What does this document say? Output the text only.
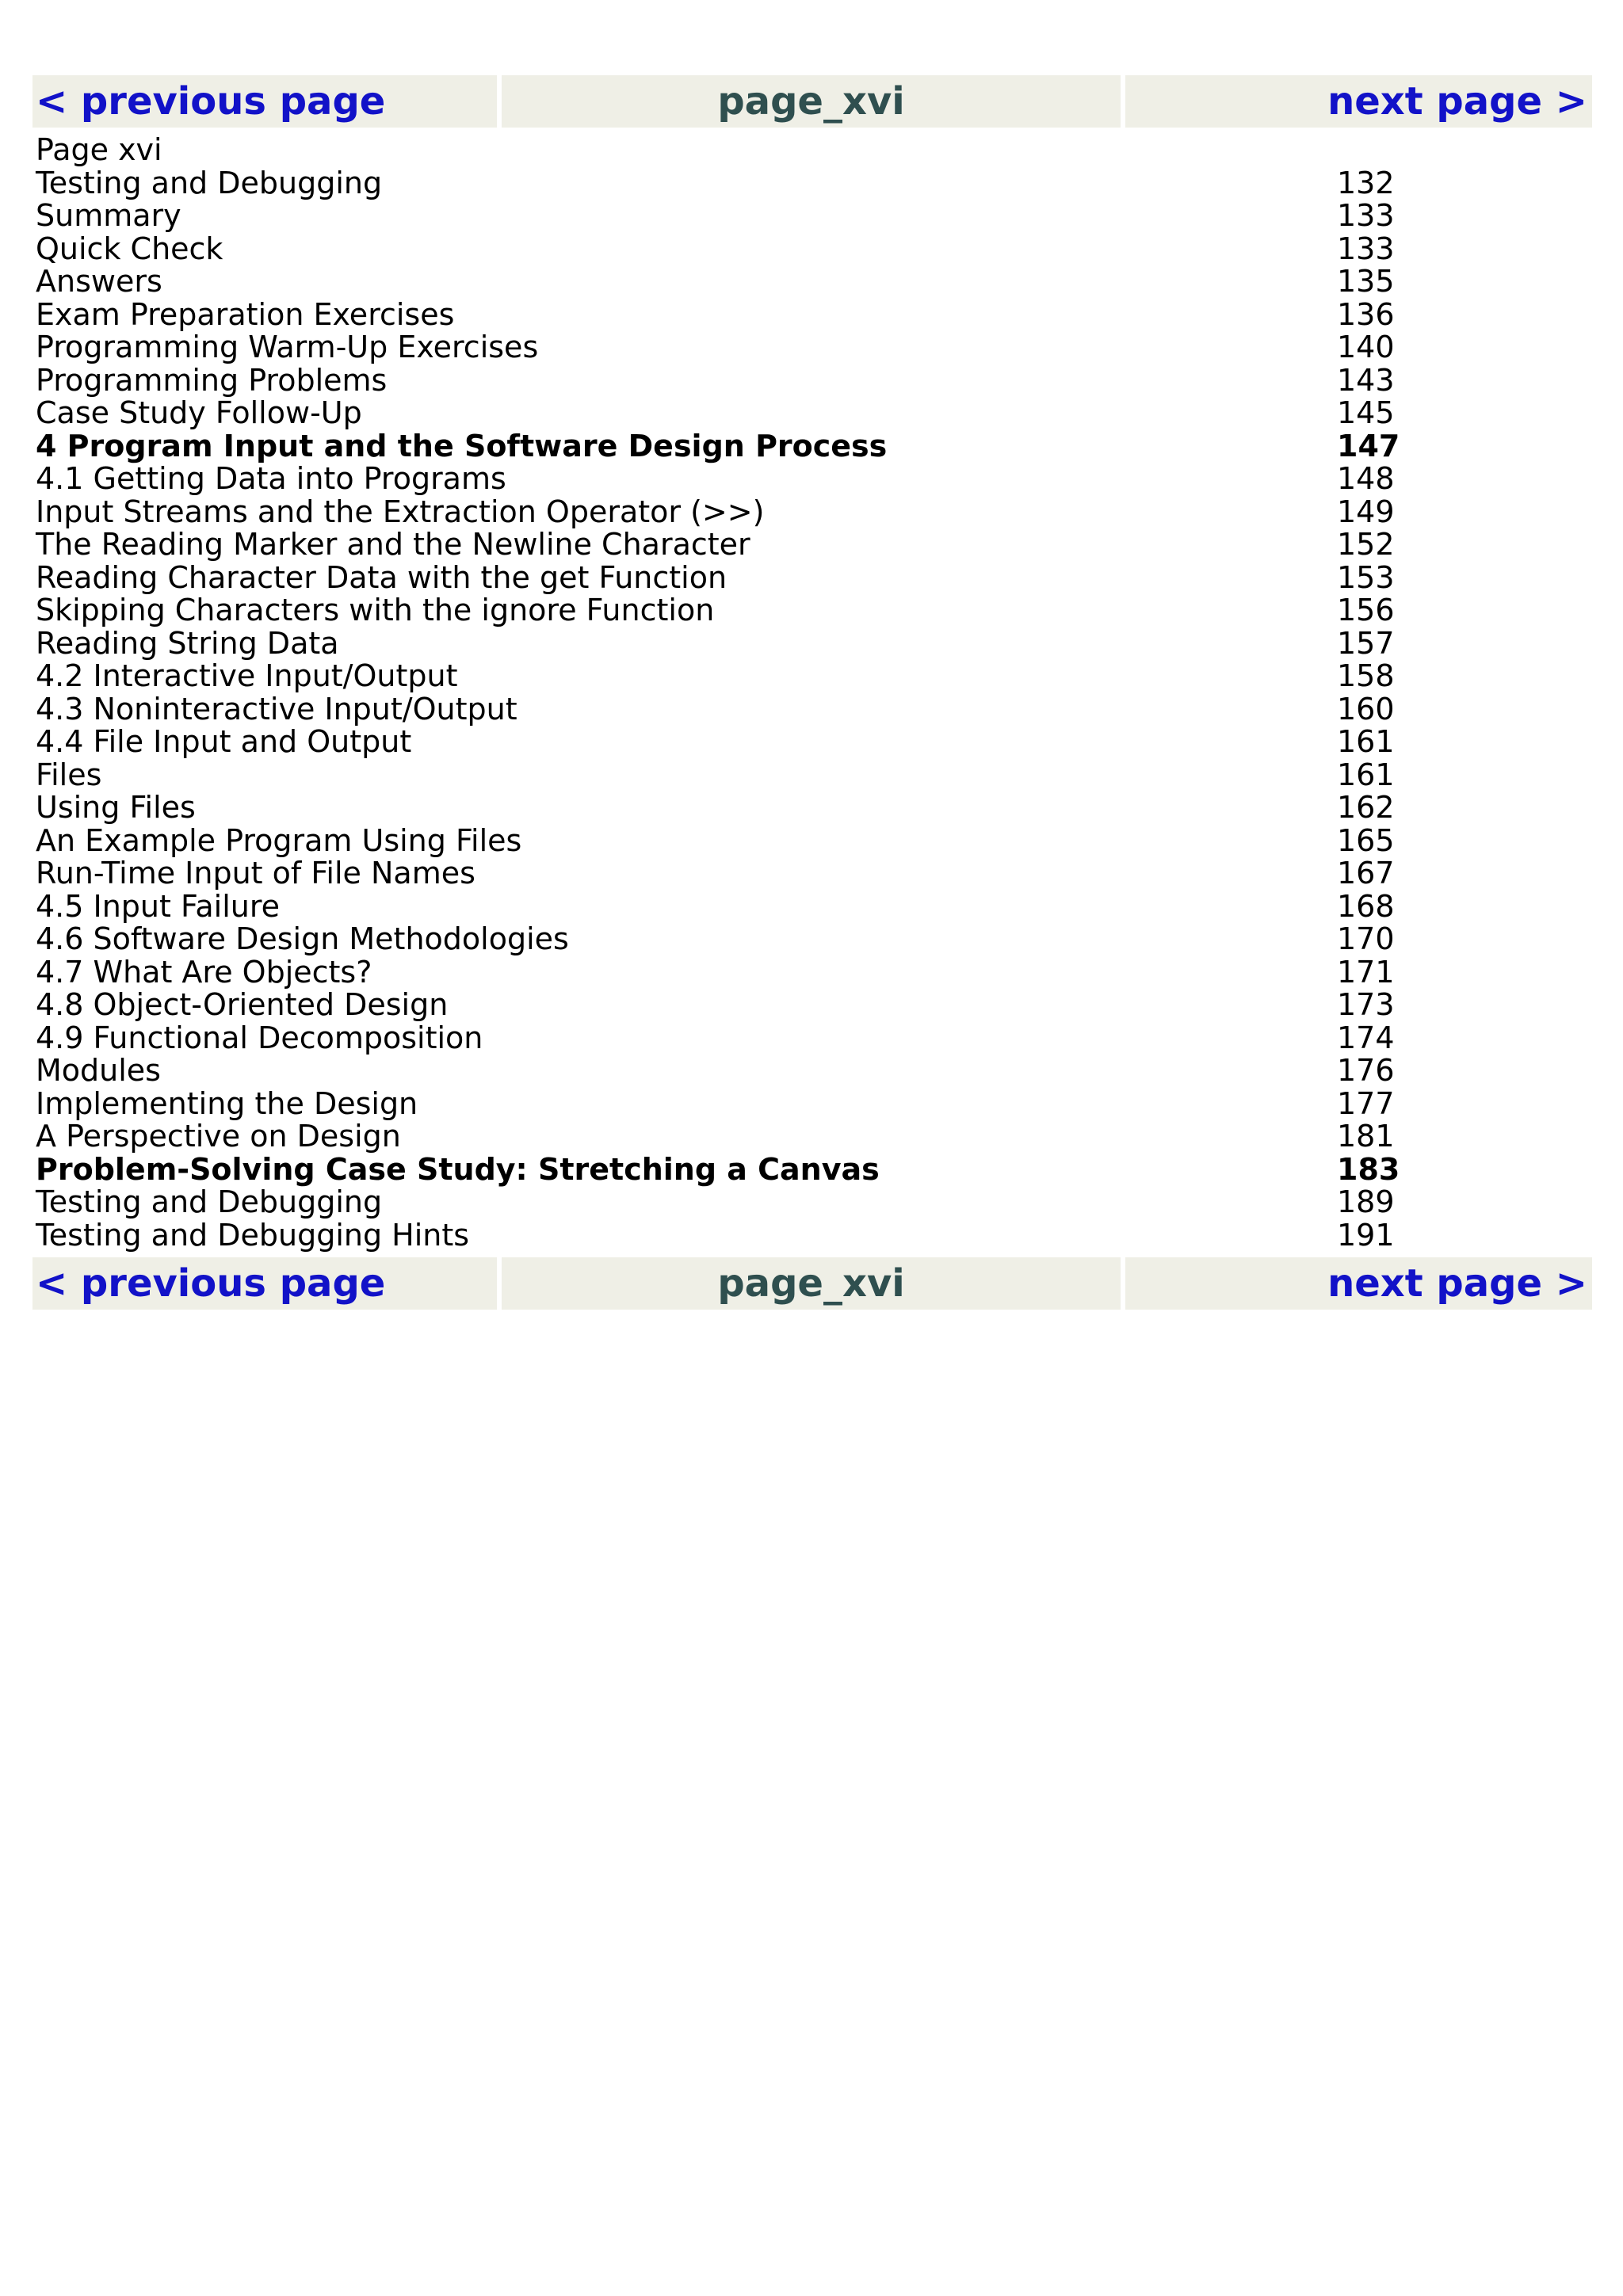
< previous page	page_xvi	next page >
Page xvi
Testing and Debugging	132
Summary	133
Quick Check	133
Answers	135
Exam Preparation Exercises	136
Programming Warm-Up Exercises	140
Programming Problems	143
Case Study Follow-Up	145
4 Program Input and the Software Design Process	147
4.1 Getting Data into Programs	148
Input Streams and the Extraction Operator (>>)	149
The Reading Marker and the Newline Character	152
Reading Character Data with the get Function	153
Skipping Characters with the ignore Function	156
Reading String Data	157
4.2 Interactive Input/Output	158
4.3 Noninteractive Input/Output	160
4.4 File Input and Output	161
Files	161
Using Files	162
An Example Program Using Files	165
Run-Time Input of File Names	167
4.5 Input Failure	168
4.6 Software Design Methodologies	170
4.7 What Are Objects?	171
4.8 Object-Oriented Design	173
4.9 Functional Decomposition	174
Modules	176
Implementing the Design	177
A Perspective on Design	181
Problem-Solving Case Study: Stretching a Canvas	183
Testing and Debugging	189
Testing and Debugging Hints	191
< previous page	page_xvi	next page >
